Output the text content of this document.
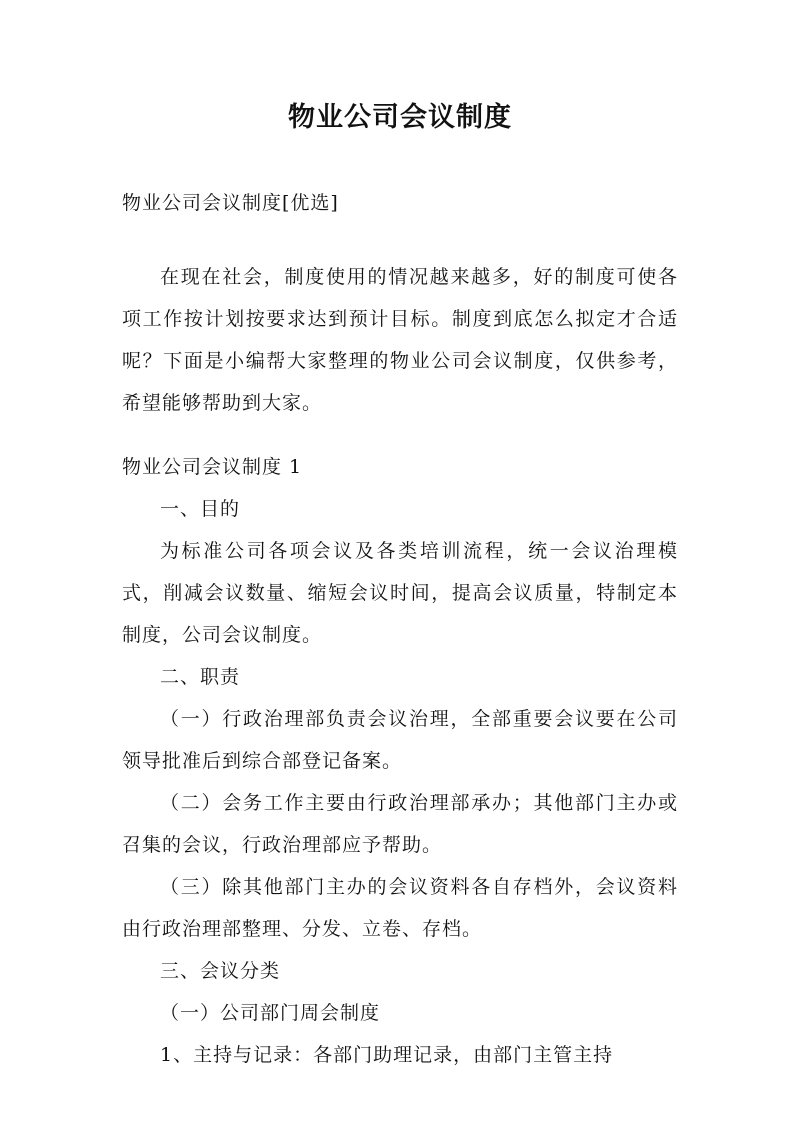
物业公司会议制度
物业公司会议制度[优选]

在现在社会，制度使用的情况越来越多，好的制度可使各项工作按计划按要求达到预计目标。制度到底怎么拟定才合适呢？下面是小编帮大家整理的物业公司会议制度，仅供参考，希望能够帮助到大家。

物业公司会议制度 1

一、目的

为标准公司各项会议及各类培训流程，统一会议治理模式，削减会议数量、缩短会议时间，提高会议质量，特制定本制度，公司会议制度。

二、职责

（一）行政治理部负责会议治理，全部重要会议要在公司领导批准后到综合部登记备案。

（二）会务工作主要由行政治理部承办；其他部门主办或召集的会议，行政治理部应予帮助。

（三）除其他部门主办的会议资料各自存档外，会议资料由行政治理部整理、分发、立卷、存档。

三、会议分类

（一）公司部门周会制度

1、主持与记录：各部门助理记录，由部门主管主持
